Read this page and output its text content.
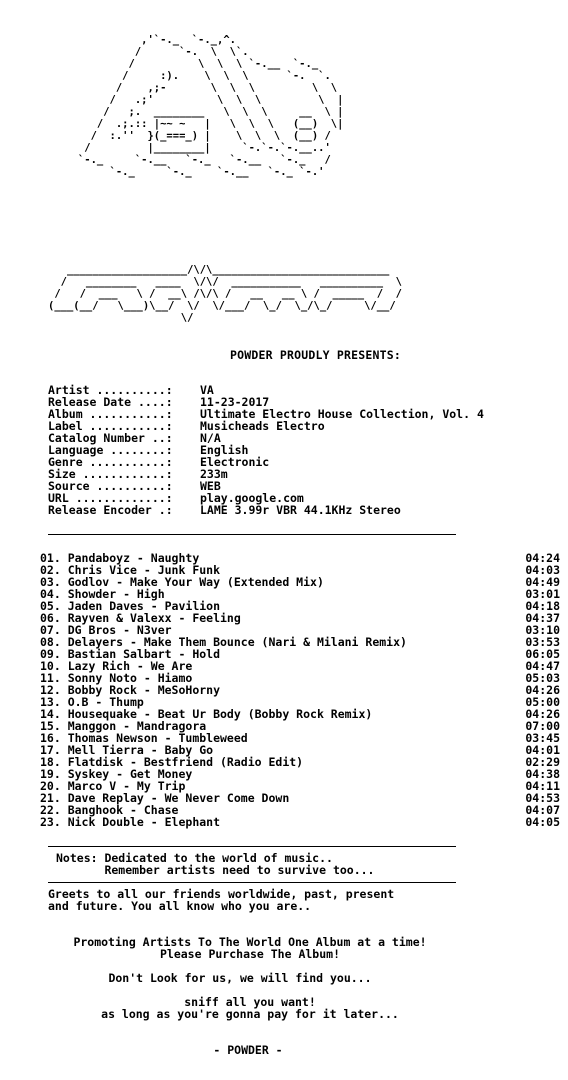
,'`-._  `-._,^.
/      `-.  \  \`.
/          \  \  \ `-.__  `-._
/     :).    \  \  \      `-.  `.
/    ,;-       \  \  \         \  \
/   .;'          \  \  \         \  |
/   ;.  ________   \  \  \     __  \ |
/  .;.:: |~~ ~   |   \  \  \   (__)  \|
/  :.''  }(_===_) |    \  \  \  (__) /
/         |________|     `-.`-.`-.__..'
`-._     `-.__   `-._   `-.__   `-._   /
`-._     `-._    `-.__   `-._ `-.'
___________________/\/\____________________________
/   ________   ____  \/\/  ___________   __________  \
/   /  ___   \ /  __\ /\/\ /   __   __ \ /  _____  /  /
(___(__/   \___)\__/  \/  \/___/  \_/  \_/\_/     \/__/
\/
POWDER PROUDLY PRESENTS:
Artist ..........: VA
Release Date ....: 11-23-2017
Album ...........: Ultimate Electro House Collection, Vol. 4
Label ...........: Musicheads Electro
Catalog Number ..: N/A
Language ........: English
Genre ...........: Electronic
Size ............: 233m
Source ..........: WEB
URL .............: play.google.com
Release Encoder .: LAME 3.99r VBR 44.1KHz Stereo
01. Pandaboyz - Naughty	04:24
02. Chris Vice - Junk Funk	04:03
03. Godlov - Make Your Way (Extended Mix)	04:49
04. Showder - High	03:01
05. Jaden Daves - Pavilion	04:18
06. Rayven & Valexx - Feeling	04:37
07. DG Bros - N3ver	03:10
08. Delayers - Make Them Bounce (Nari & Milani Remix)	03:53
09. Bastian Salbart - Hold	06:05
10. Lazy Rich - We Are	04:47
11. Sonny Noto - Hiamo	05:03
12. Bobby Rock - MeSoHorny	04:26
13. O.B - Thump	05:00
14. Housequake - Beat Ur Body (Bobby Rock Remix)	04:26
15. Manggon - Mandragora	07:00
16. Thomas Newson - Tumbleweed	03:45
17. Mell Tierra - Baby Go	04:01
18. Flatdisk - Bestfriend (Radio Edit)	02:29
19. Syskey - Get Money	04:38
20. Marco V - My Trip	04:11
21. Dave Replay - We Never Come Down	04:53
22. Banghook - Chase	04:07
23. Nick Double - Elephant	04:05
Notes: Dedicated to the world of music..
Remember artists need to survive too...
Greets to all our friends worldwide, past, present
and future. You all know who you are..
Promoting Artists To The World One Album at a time!
Please Purchase The Album!
Don't Look for us, we will find you...
sniff all you want!
as long as you're gonna pay for it later...
- POWDER -
